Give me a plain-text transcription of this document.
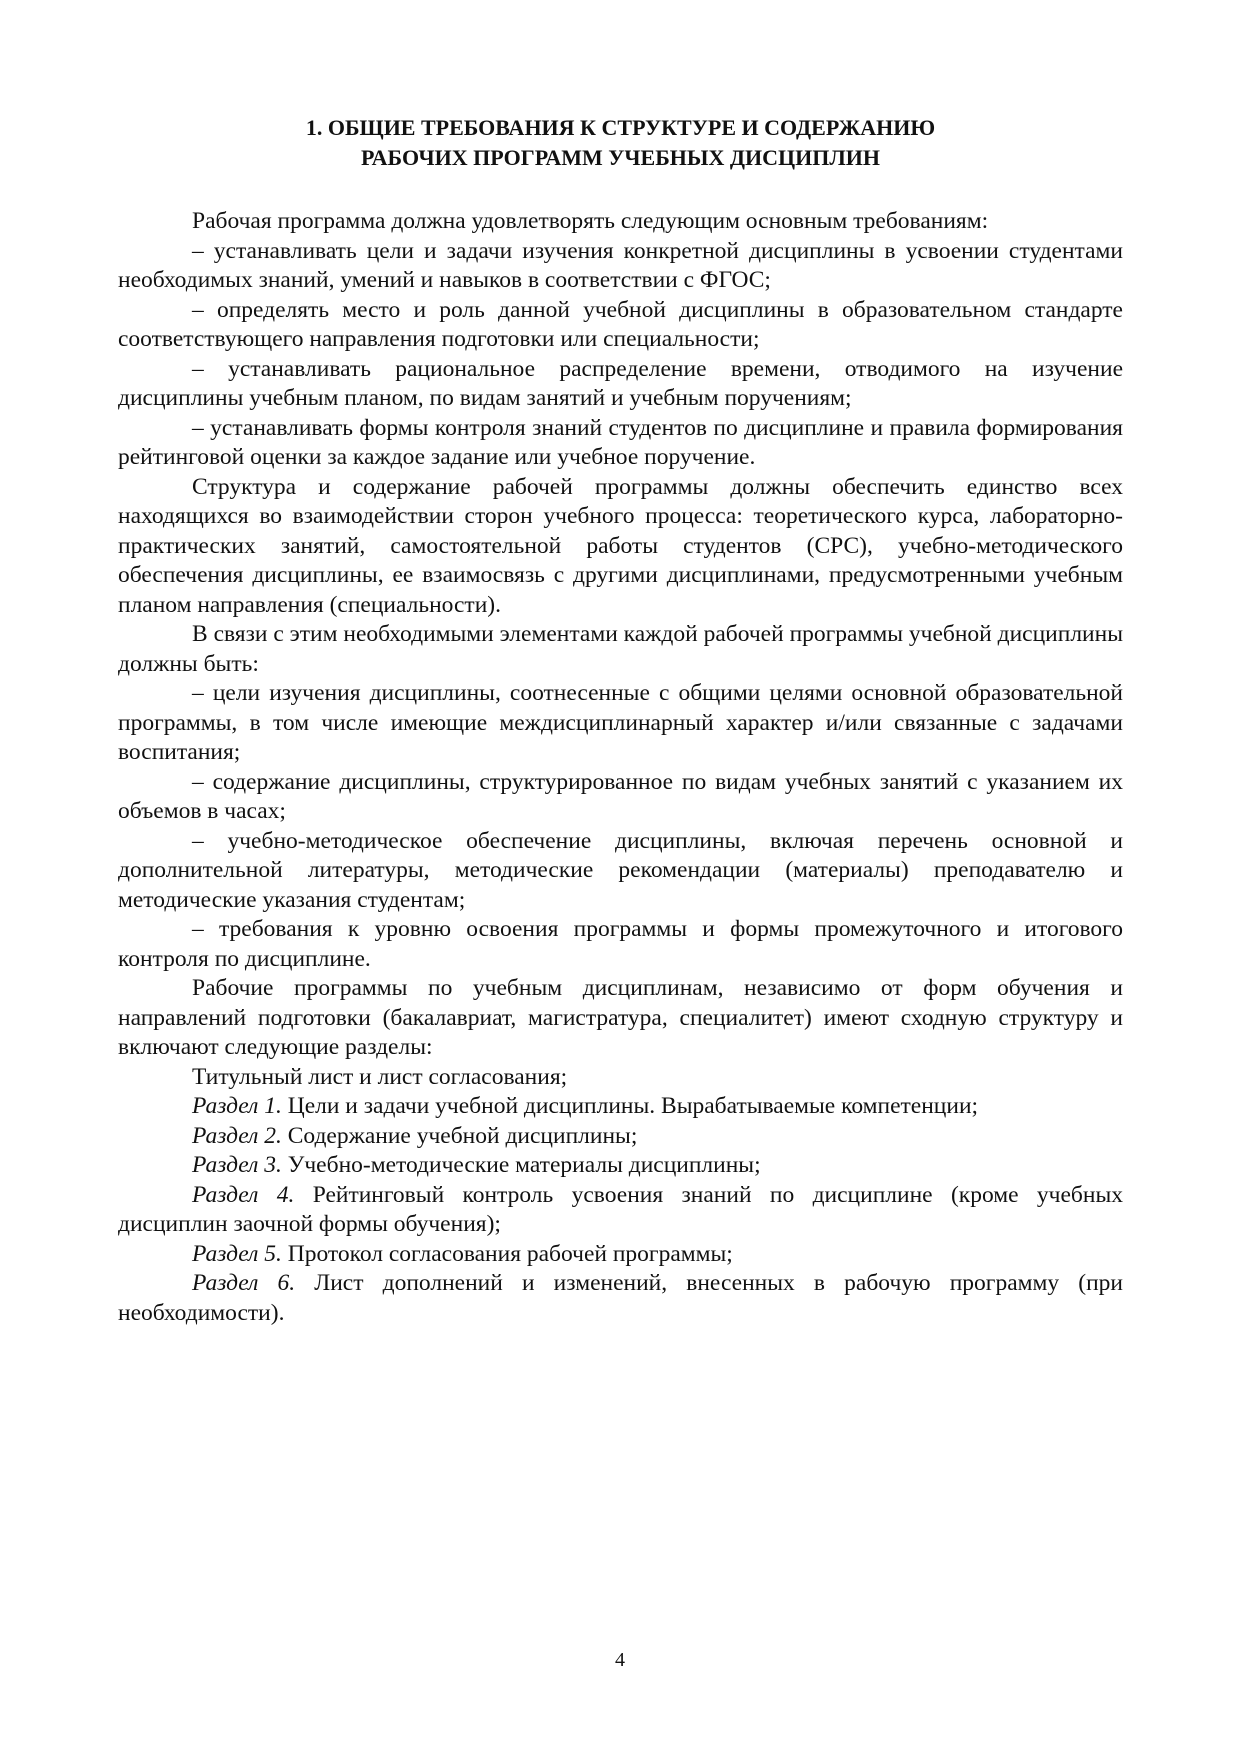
1. ОБЩИЕ ТРЕБОВАНИЯ К СТРУКТУРЕ И СОДЕРЖАНИЮ
РАБОЧИХ ПРОГРАММ УЧЕБНЫХ ДИСЦИПЛИН

Рабочая программа должна удовлетворять следующим основным требованиям:

– устанавливать цели и задачи изучения конкретной дисциплины в усвоении студентами необходимых знаний, умений и навыков в соответствии с ФГОС;

– определять место и роль данной учебной дисциплины в образовательном стандарте соответствующего направления подготовки или специальности;

– устанавливать рациональное распределение времени, отводимого на изучение дисциплины учебным планом, по видам занятий и учебным поручениям;

– устанавливать формы контроля знаний студентов по дисциплине и правила формирования рейтинговой оценки за каждое задание или учебное поручение.

Структура и содержание рабочей программы должны обеспечить единство всех находящихся во взаимодействии сторон учебного процесса: теоретического курса, лабораторно-практических занятий, самостоятельной работы студентов (СРС), учебно-методического обеспечения дисциплины, ее взаимосвязь с другими дисциплинами, предусмотренными учебным планом направления (специальности).

В связи с этим необходимыми элементами каждой рабочей программы учебной дисциплины должны быть:

– цели изучения дисциплины, соотнесенные с общими целями основной образовательной программы, в том числе имеющие междисциплинарный характер и/или связанные с задачами воспитания;

– содержание дисциплины, структурированное по видам учебных занятий с указанием их объемов в часах;

– учебно-методическое обеспечение дисциплины, включая перечень основной и дополнительной литературы, методические рекомендации (материалы) преподавателю и методические указания студентам;

– требования к уровню освоения программы и формы промежуточного и итогового контроля по дисциплине.

Рабочие программы по учебным дисциплинам, независимо от форм обучения и направлений подготовки (бакалавриат, магистратура, специалитет) имеют сходную структуру и включают следующие разделы:

Титульный лист и лист согласования;

Раздел 1. Цели и задачи учебной дисциплины. Вырабатываемые компетенции;

Раздел 2. Содержание учебной дисциплины;

Раздел 3. Учебно-методические материалы дисциплины;

Раздел 4. Рейтинговый контроль усвоения знаний по дисциплине (кроме учебных дисциплин заочной формы обучения);

Раздел 5. Протокол согласования рабочей программы;

Раздел 6. Лист дополнений и изменений, внесенных в рабочую программу (при необходимости).

4
